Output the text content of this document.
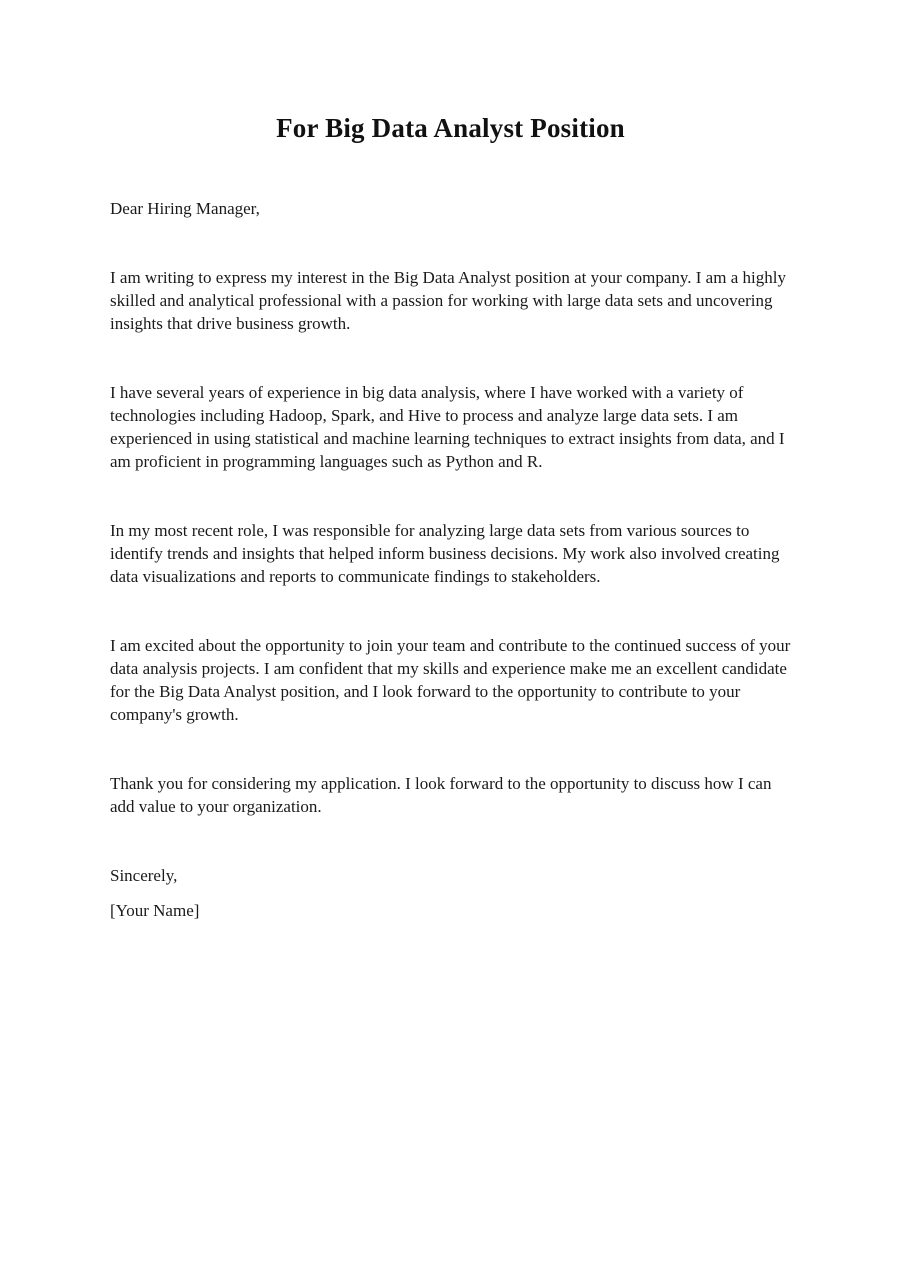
For Big Data Analyst Position

Dear Hiring Manager,

I am writing to express my interest in the Big Data Analyst position at your company. I am a highly skilled and analytical professional with a passion for working with large data sets and uncovering insights that drive business growth.

I have several years of experience in big data analysis, where I have worked with a variety of technologies including Hadoop, Spark, and Hive to process and analyze large data sets. I am experienced in using statistical and machine learning techniques to extract insights from data, and I am proficient in programming languages such as Python and R.

In my most recent role, I was responsible for analyzing large data sets from various sources to identify trends and insights that helped inform business decisions. My work also involved creating data visualizations and reports to communicate findings to stakeholders.

I am excited about the opportunity to join your team and contribute to the continued success of your data analysis projects. I am confident that my skills and experience make me an excellent candidate for the Big Data Analyst position, and I look forward to the opportunity to contribute to your company's growth.

Thank you for considering my application. I look forward to the opportunity to discuss how I can add value to your organization.

Sincerely,

[Your Name]
